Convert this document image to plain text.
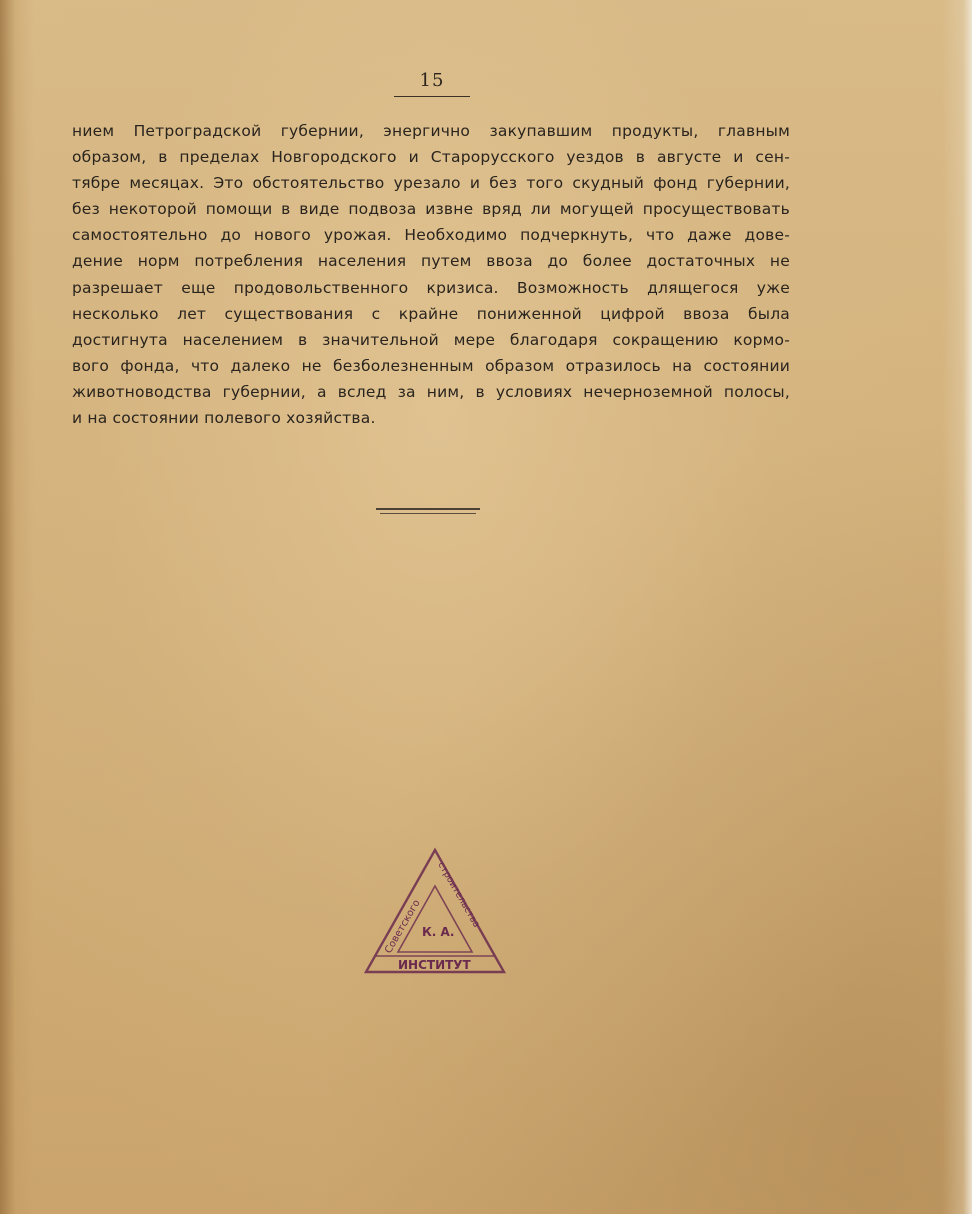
15
нием Петроградской губернии, энергично закупавшим продукты, главным
образом, в пределах Новгородского и Старорусского уездов в августе и сен-
тябре месяцах. Это обстоятельство урезало и без того скудный фонд губернии,
без некоторой помощи в виде подвоза извне вряд ли могущей просуществовать
самостоятельно до нового урожая. Необходимо подчеркнуть, что даже дове-
дение норм потребления населения путем ввоза до более достаточных не
разрешает еще продовольственного кризиса. Возможность длящегося уже
несколько лет существования с крайне пониженной цифрой ввоза была
достигнута населением в значительной мере благодаря сокращению кормо-
вого фонда, что далеко не безболезненным образом отразилось на состоянии
животноводства губернии, а вслед за ним, в условиях нечерноземной полосы,
и на состоянии полевого хозяйства.
Советского строительства
К. А.
ИНСТИТУТ
